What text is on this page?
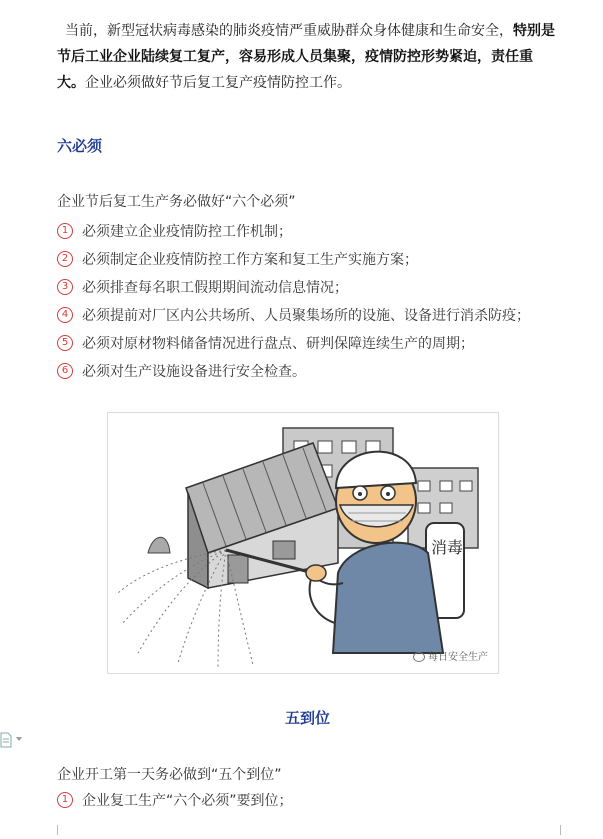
当前，新型冠状病毒感染的肺炎疫情严重威胁群众身体健康和生命安全，特别是节后工业企业陆续复工复产，容易形成人员集聚，疫情防控形势紧迫，责任重大。企业必须做好节后复工复产疫情防控工作。
六必须
企业节后复工生产务必做好“六个必须”
1 必须建立企业疫情防控工作机制；
2 必须制定企业疫情防控工作方案和复工生产实施方案；
3 必须排查每名职工假期期间流动信息情况；
4 必须提前对厂区内公共场所、人员聚集场所的设施、设备进行消杀防疫；
5 必须对原材物料储备情况进行盘点、研判保障连续生产的周期；
6 必须对生产设施设备进行安全检查。
消毒
每日安全生产
五到位
企业开工第一天务必做到“五个到位”
1 企业复工生产“六个必须”要到位；
